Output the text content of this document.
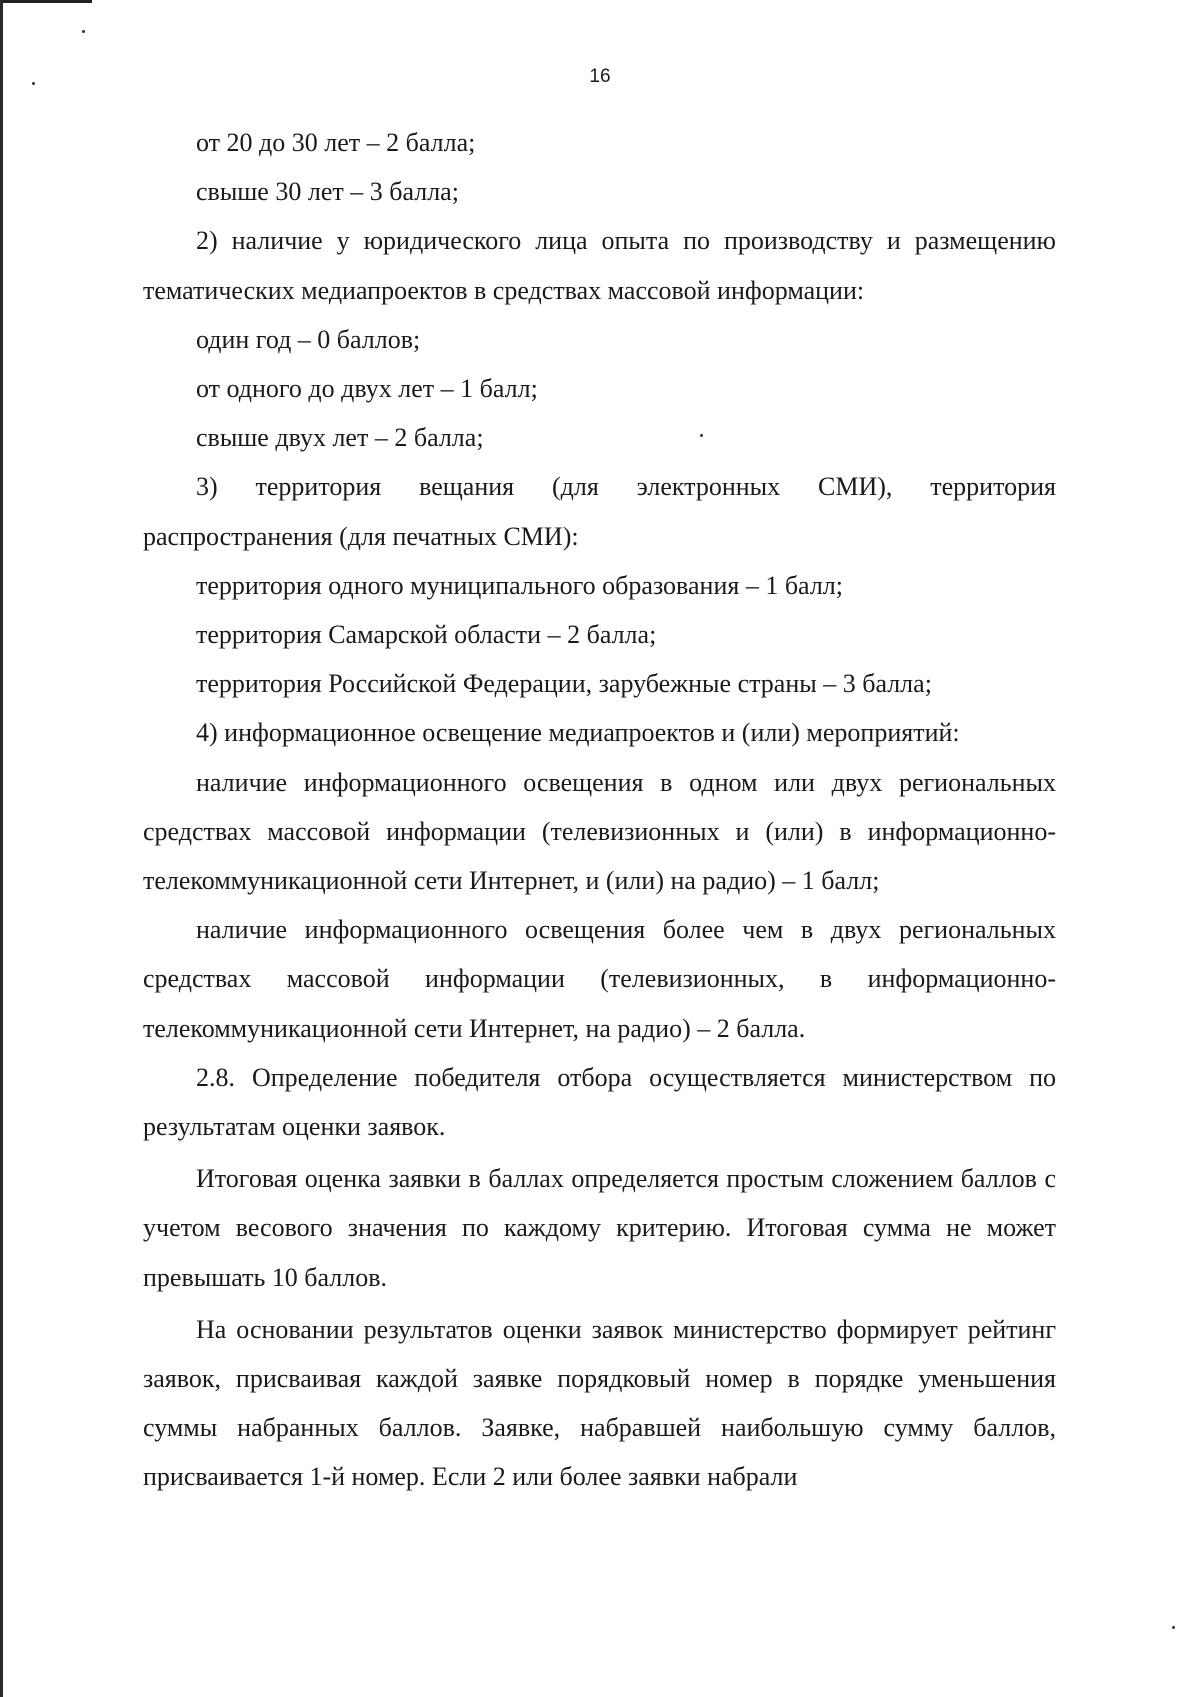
16

от 20 до 30 лет – 2 балла;

свыше 30 лет – 3 балла;

2) наличие у юридического лица опыта по производству и размещению тематических медиапроектов в средствах массовой информации:

один год – 0 баллов;

от одного до двух лет – 1 балл;

свыше двух лет – 2 балла;

3) территория вещания (для электронных СМИ), территория распространения (для печатных СМИ):

территория одного муниципального образования – 1 балл;

территория Самарской области – 2 балла;

территория Российской Федерации, зарубежные страны – 3 балла;

4) информационное освещение медиапроектов и (или) мероприятий:

наличие информационного освещения в одном или двух региональных средствах массовой информации (телевизионных и (или) в информационно-телекоммуникационной сети Интернет, и (или) на радио) – 1 балл;

наличие информационного освещения более чем в двух региональных средствах массовой информации (телевизионных, в информационно-телекоммуникационной сети Интернет, на радио) – 2 балла.

2.8. Определение победителя отбора осуществляется министерством по результатам оценки заявок.

Итоговая оценка заявки в баллах определяется простым сложением баллов с учетом весового значения по каждому критерию. Итоговая сумма не может превышать 10 баллов.

На основании результатов оценки заявок министерство формирует рейтинг заявок, присваивая каждой заявке порядковый номер в порядке уменьшения суммы набранных баллов. Заявке, набравшей наибольшую сумму баллов, присваивается 1-й номер. Если 2 или более заявки набрали
